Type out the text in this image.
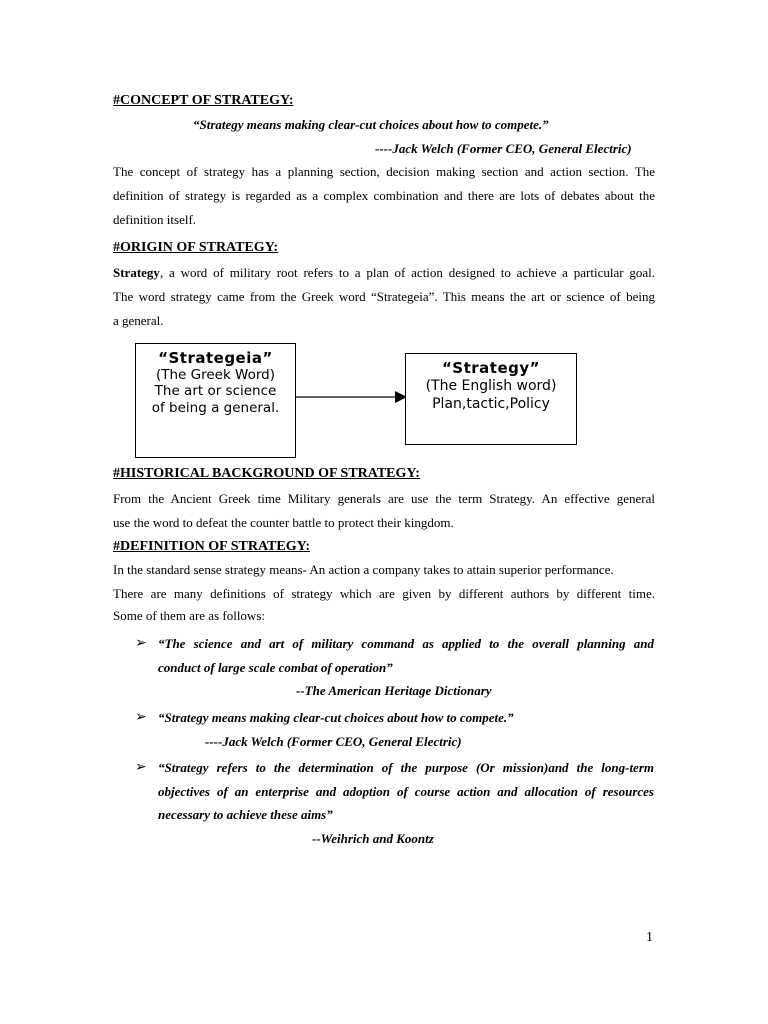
#CONCEPT OF STRATEGY:
“Strategy means making clear-cut choices about how to compete.”
----Jack Welch (Former CEO, General Electric)
The concept of strategy has a planning section, decision making section and action section. The
definition of strategy is regarded as a complex combination and there are lots of debates about the
definition itself.
#ORIGIN OF STRATEGY:
Strategy, a word of military root refers to a plan of action designed to achieve a particular goal.
The word strategy came from the Greek word “Strategeia”. This means the art or science of being
a general.
“Strategeia”
(The Greek Word)
The art or science
of being a general.
“Strategy”
(The English word)
Plan,tactic,Policy
#HISTORICAL BACKGROUND OF STRATEGY:
From the Ancient Greek time Military generals are use the term Strategy. An effective general
use the word to defeat the counter battle to protect their kingdom.
#DEFINITION OF STRATEGY:
In the standard sense strategy means- An action a company takes to attain superior performance.
There are many definitions of strategy which are given by different authors by different time.
Some of them are as follows:
➢ “The science and art of military command as applied to the overall planning and
conduct of large scale combat of operation”
--The American Heritage Dictionary
➢ “Strategy means making clear-cut choices about how to compete.”
----Jack Welch (Former CEO, General Electric)
➢ “Strategy refers to the determination of the purpose (Or mission)and the long-term
objectives of an enterprise and adoption of course action and allocation of resources
necessary to achieve these aims”
--Weihrich and Koontz
1
